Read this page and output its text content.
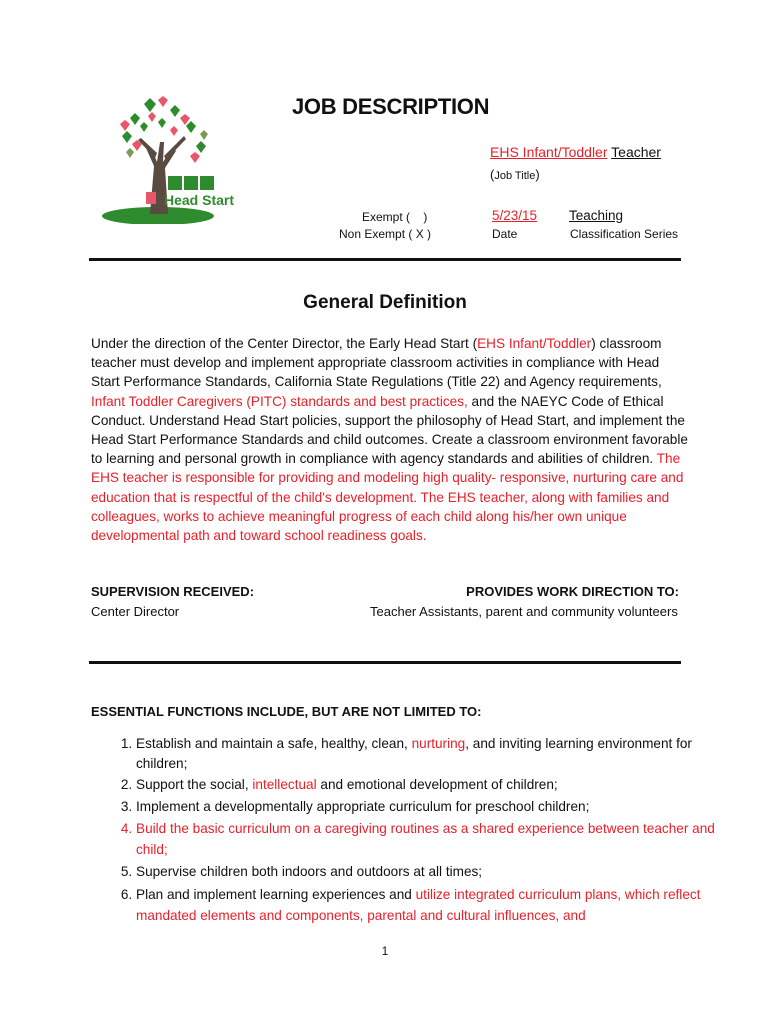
Head Start
JOB DESCRIPTION
EHS Infant/Toddler Teacher
(Job Title)
Exempt (    )
Non Exempt ( X )
5/23/15
Date
Teaching
Classification Series
General Definition
Under the direction of the Center Director, the Early Head Start (EHS Infant/Toddler) classroom teacher must develop and implement appropriate classroom activities in compliance with Head Start Performance Standards, California State Regulations (Title 22) and Agency requirements, Infant Toddler Caregivers (PITC) standards and best practices, and the NAEYC Code of Ethical Conduct. Understand Head Start policies, support the philosophy of Head Start, and implement the Head Start Performance Standards and child outcomes. Create a classroom environment favorable to learning and personal growth in compliance with agency standards and abilities of children. The EHS teacher is responsible for providing and modeling high quality- responsive, nurturing care and education that is respectful of the child's development. The EHS teacher, along with families and colleagues, works to achieve meaningful progress of each child along his/her own unique developmental path and toward school readiness goals.
SUPERVISION RECEIVED:
Center Director
PROVIDES WORK DIRECTION TO:
Teacher Assistants, parent and community volunteers
ESSENTIAL FUNCTIONS INCLUDE, BUT ARE NOT LIMITED TO:
1. Establish and maintain a safe, healthy, clean, nurturing, and inviting learning environment for children;
2. Support the social, intellectual and emotional development of children;
3. Implement a developmentally appropriate curriculum for preschool children;
4. Build the basic curriculum on a caregiving routines as a shared experience between teacher and child;
5. Supervise children both indoors and outdoors at all times;
6. Plan and implement learning experiences and utilize integrated curriculum plans, which reflect mandated elements and components, parental and cultural influences, and
1
